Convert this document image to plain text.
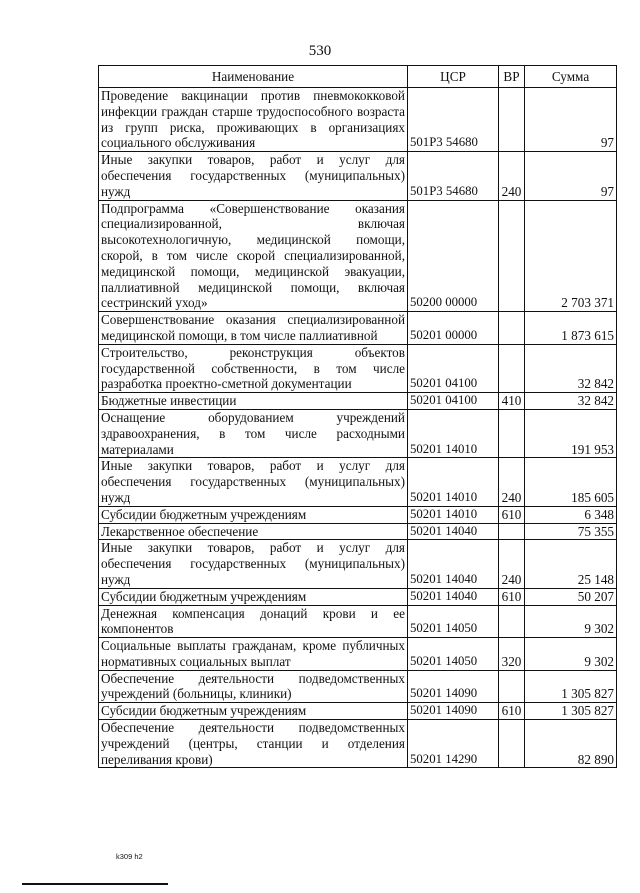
530
Наименование	ЦСР	ВР	Сумма
Проведение вакцинации против пневмококковой инфекции граждан старше трудоспособного возраста из групп риска, проживающих в организациях социального обслуживания	501Р3 54680		97
Иные закупки товаров, работ и услуг для обеспечения государственных (муниципальных) нужд	501Р3 54680	240	97
Подпрограмма «Совершенствование оказания специализированной, включая высокотехнологичную, медицинской помощи, скорой, в том числе скорой специализированной, медицинской помощи, медицинской эвакуации, паллиативной медицинской помощи, включая сестринский уход»	50200 00000		2 703 371
Совершенствование оказания специализированной медицинской помощи, в том числе паллиативной	50201 00000		1 873 615
Строительство, реконструкция объектов государственной собственности, в том числе разработка проектно-сметной документации	50201 04100		32 842
Бюджетные инвестиции	50201 04100	410	32 842
Оснащение оборудованием учреждений здравоохранения, в том числе расходными материалами	50201 14010		191 953
Иные закупки товаров, работ и услуг для обеспечения государственных (муниципальных) нужд	50201 14010	240	185 605
Субсидии бюджетным учреждениям	50201 14010	610	6 348
Лекарственное обеспечение	50201 14040		75 355
Иные закупки товаров, работ и услуг для обеспечения государственных (муниципальных) нужд	50201 14040	240	25 148
Субсидии бюджетным учреждениям	50201 14040	610	50 207
Денежная компенсация донаций крови и ее компонентов	50201 14050		9 302
Социальные выплаты гражданам, кроме публичных нормативных социальных выплат	50201 14050	320	9 302
Обеспечение деятельности подведомственных учреждений (больницы, клиники)	50201 14090		1 305 827
Субсидии бюджетным учреждениям	50201 14090	610	1 305 827
Обеспечение деятельности подведомственных учреждений (центры, станции и отделения переливания крови)	50201 14290		82 890
k309 h2
